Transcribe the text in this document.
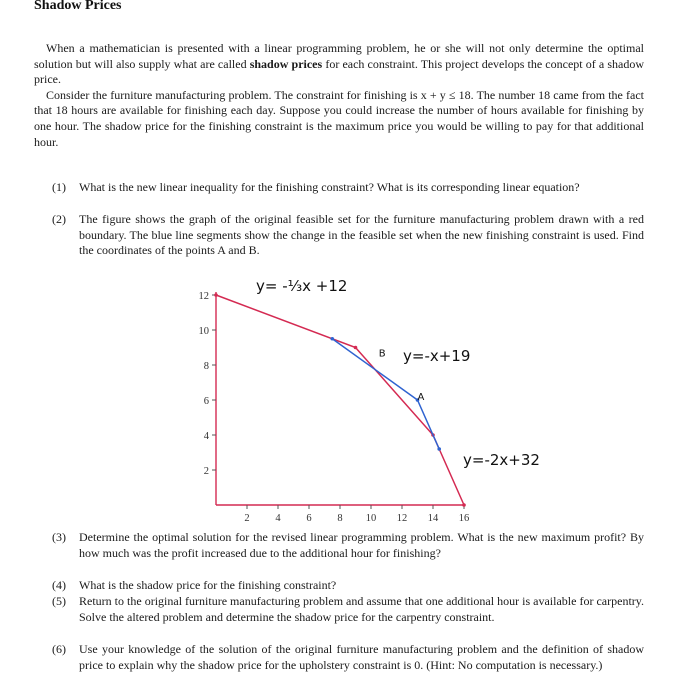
Shadow Prices

When a mathematician is presented with a linear programming problem, he or she will not only determine the optimal solution but will also supply what are called shadow prices for each constraint. This project develops the concept of a shadow price.

Consider the furniture manufacturing problem. The constraint for finishing is x + y ≤ 18. The number 18 came from the fact that 18 hours are available for finishing each day. Suppose you could increase the number of hours available for finishing by one hour. The shadow price for the finishing constraint is the maximum price you would be willing to pay for that additional hour.

(1) What is the new linear inequality for the finishing constraint? What is its corresponding linear equation?
(2) The figure shows the graph of the original feasible set for the furniture manufacturing problem drawn with a red boundary. The blue line segments show the change in the feasible set when the new finishing constraint is used. Find the coordinates of the points A and B.
12
10
8
6
4
2
2 4 6 8 10 12 14 16
B
A
y= -⅓x +12
y=-x+19
y=-2x+32
(3) Determine the optimal solution for the revised linear programming problem. What is the new maximum profit? By how much was the profit increased due to the additional hour for finishing?
(4) What is the shadow price for the finishing constraint?
(5) Return to the original furniture manufacturing problem and assume that one additional hour is available for carpentry. Solve the altered problem and determine the shadow price for the carpentry constraint.
(6) Use your knowledge of the solution of the original furniture manufacturing problem and the definition of shadow price to explain why the shadow price for the upholstery constraint is 0. (Hint: No computation is necessary.)
